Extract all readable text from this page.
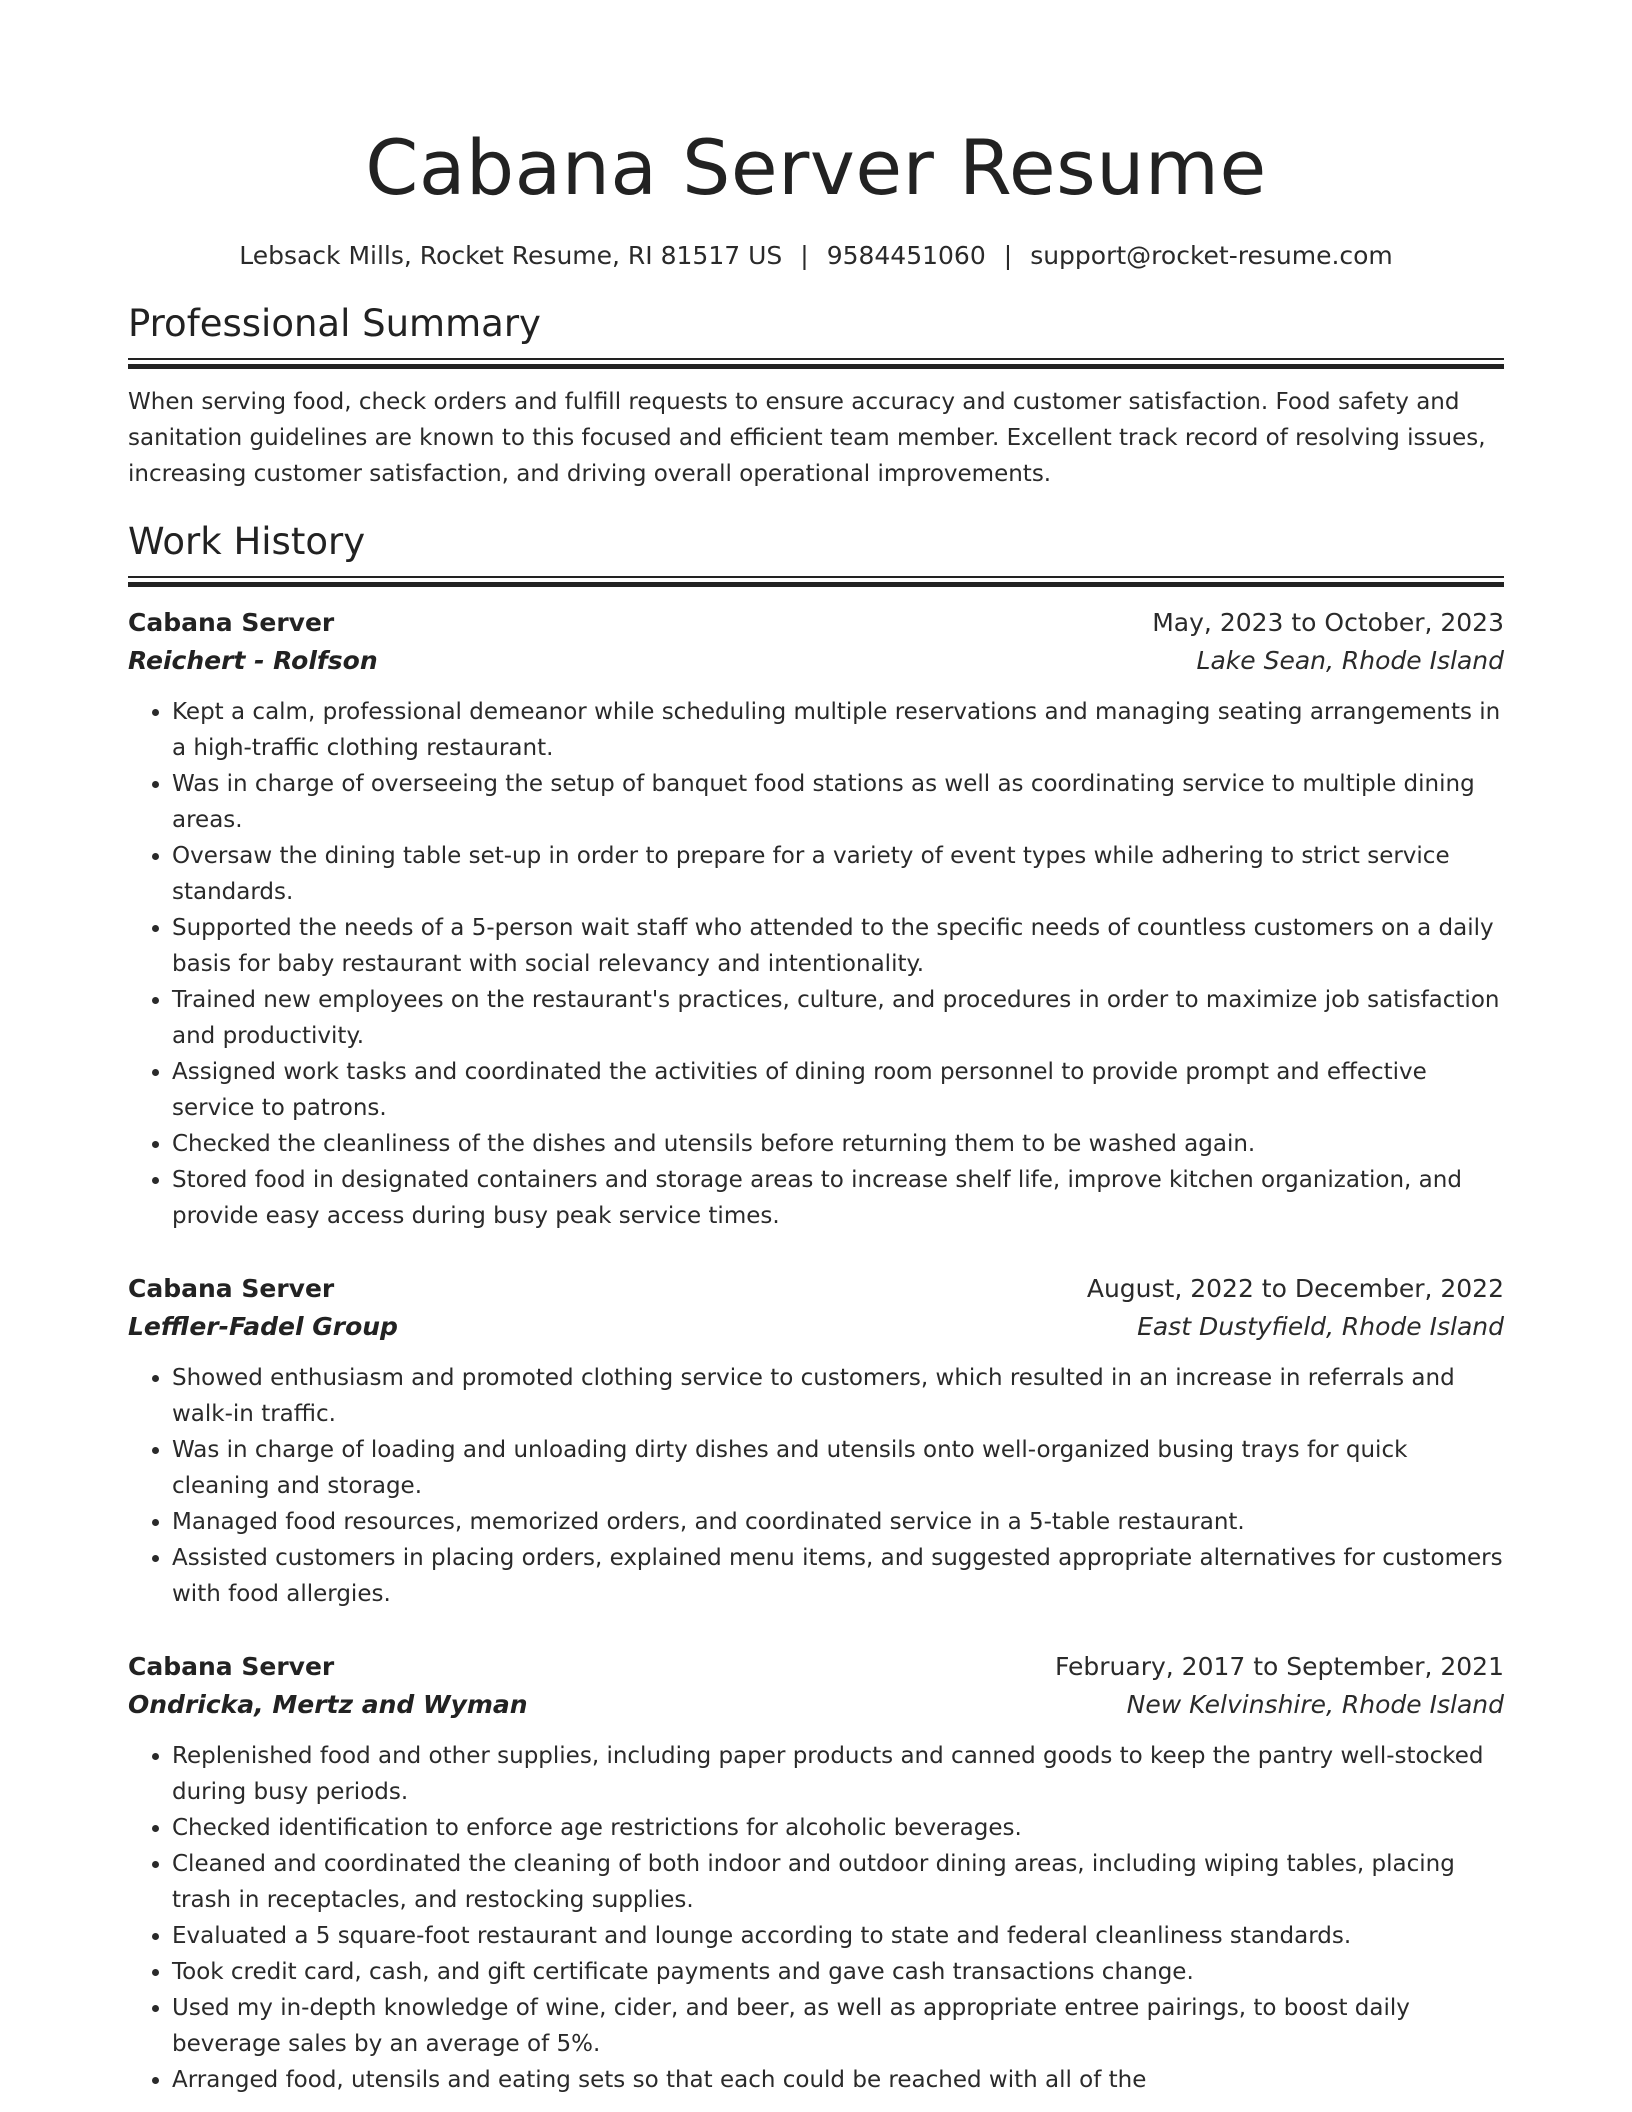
Cabana Server Resume
Lebsack Mills, Rocket Resume, RI 81517 US | 9584451060 | support@rocket-resume.com
Professional Summary
When serving food, check orders and fulfill requests to ensure accuracy and customer satisfaction. Food safety and sanitation guidelines are known to this focused and efficient team member. Excellent track record of resolving issues, increasing customer satisfaction, and driving overall operational improvements.
Work History
Cabana Server	May, 2023 to October, 2023
Reichert - Rolfson	Lake Sean, Rhode Island
• Kept a calm, professional demeanor while scheduling multiple reservations and managing seating arrangements in a high-traffic clothing restaurant.
• Was in charge of overseeing the setup of banquet food stations as well as coordinating service to multiple dining areas.
• Oversaw the dining table set-up in order to prepare for a variety of event types while adhering to strict service standards.
• Supported the needs of a 5-person wait staff who attended to the specific needs of countless customers on a daily basis for baby restaurant with social relevancy and intentionality.
• Trained new employees on the restaurant's practices, culture, and procedures in order to maximize job satisfaction and productivity.
• Assigned work tasks and coordinated the activities of dining room personnel to provide prompt and effective service to patrons.
• Checked the cleanliness of the dishes and utensils before returning them to be washed again.
• Stored food in designated containers and storage areas to increase shelf life, improve kitchen organization, and provide easy access during busy peak service times.
Cabana Server	August, 2022 to December, 2022
Leffler-Fadel Group	East Dustyfield, Rhode Island
• Showed enthusiasm and promoted clothing service to customers, which resulted in an increase in referrals and walk-in traffic.
• Was in charge of loading and unloading dirty dishes and utensils onto well-organized busing trays for quick cleaning and storage.
• Managed food resources, memorized orders, and coordinated service in a 5-table restaurant.
• Assisted customers in placing orders, explained menu items, and suggested appropriate alternatives for customers with food allergies.
Cabana Server	February, 2017 to September, 2021
Ondricka, Mertz and Wyman	New Kelvinshire, Rhode Island
• Replenished food and other supplies, including paper products and canned goods to keep the pantry well-stocked during busy periods.
• Checked identification to enforce age restrictions for alcoholic beverages.
• Cleaned and coordinated the cleaning of both indoor and outdoor dining areas, including wiping tables, placing trash in receptacles, and restocking supplies.
• Evaluated a 5 square-foot restaurant and lounge according to state and federal cleanliness standards.
• Took credit card, cash, and gift certificate payments and gave cash transactions change.
• Used my in-depth knowledge of wine, cider, and beer, as well as appropriate entree pairings, to boost daily beverage sales by an average of 5%.
• Arranged food, utensils and eating sets so that each could be reached with all of the
